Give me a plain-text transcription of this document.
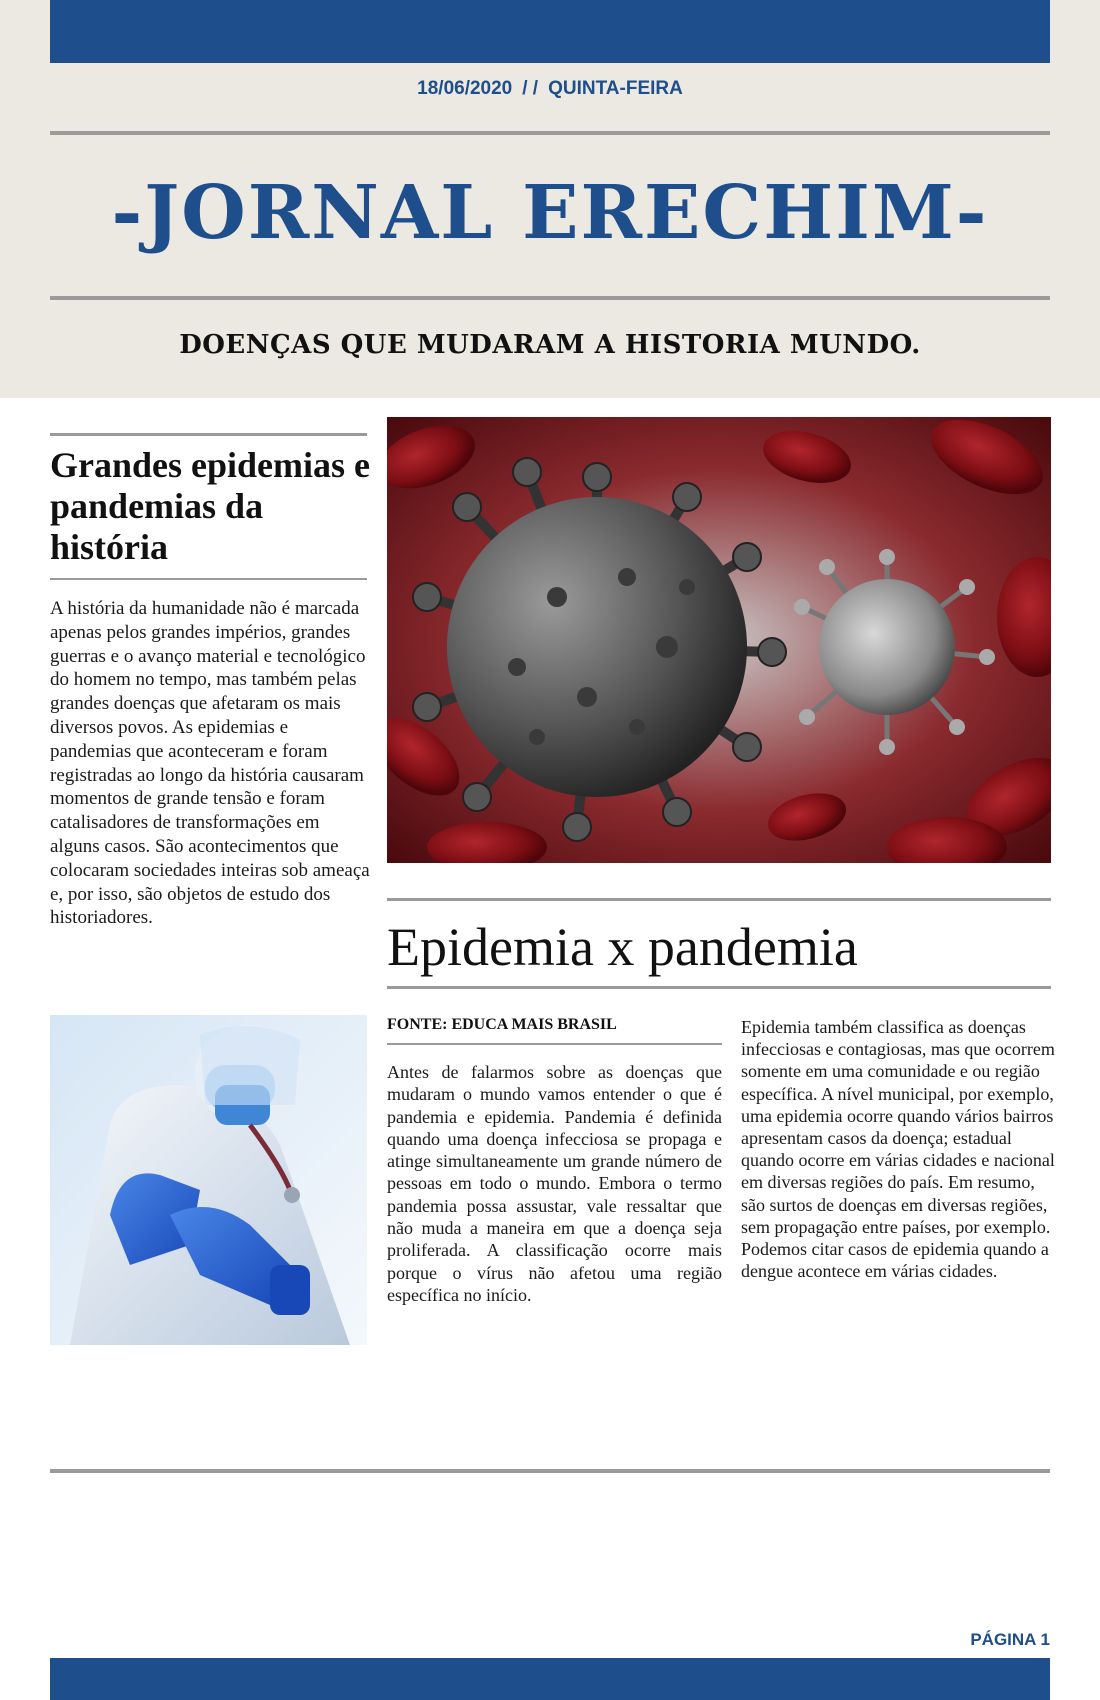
18/06/2020 / / QUINTA-FEIRA
-JORNAL ERECHIM-
DOENÇAS QUE MUDARAM A HISTORIA MUNDO.
Grandes epidemias e pandemias da história
A história da humanidade não é marcada apenas pelos grandes impérios, grandes guerras e o avanço material e tecnológico do homem no tempo, mas também pelas grandes doenças que afetaram os mais diversos povos. As epidemias e pandemias que aconteceram e foram registradas ao longo da história causaram momentos de grande tensão e foram catalisadores de transformações em alguns casos. São acontecimentos que colocaram sociedades inteiras sob ameaça e, por isso, são objetos de estudo dos historiadores.	Epidemia x pandemia
FONTE: EDUCA MAIS BRASIL
Antes de falarmos sobre as doenças que mudaram o mundo vamos entender o que é pandemia e epidemia. Pandemia é definida quando uma doença infecciosa se propaga e atinge simultaneamente um grande número de pessoas em todo o mundo. Embora o termo pandemia possa assustar, vale ressaltar que não muda a maneira em que a doença seja proliferada. A classificação ocorre mais porque o vírus não afetou uma região específica no início.
Epidemia também classifica as doenças infecciosas e contagiosas, mas que ocorrem somente em uma comunidade e ou região específica. A nível municipal, por exemplo, uma epidemia ocorre quando vários bairros apresentam casos da doença; estadual quando ocorre em várias cidades e nacional em diversas regiões do país. Em resumo, são surtos de doenças em diversas regiões, sem propagação entre países, por exemplo. Podemos citar casos de epidemia quando a dengue acontece em várias cidades.
PÁGINA 1
